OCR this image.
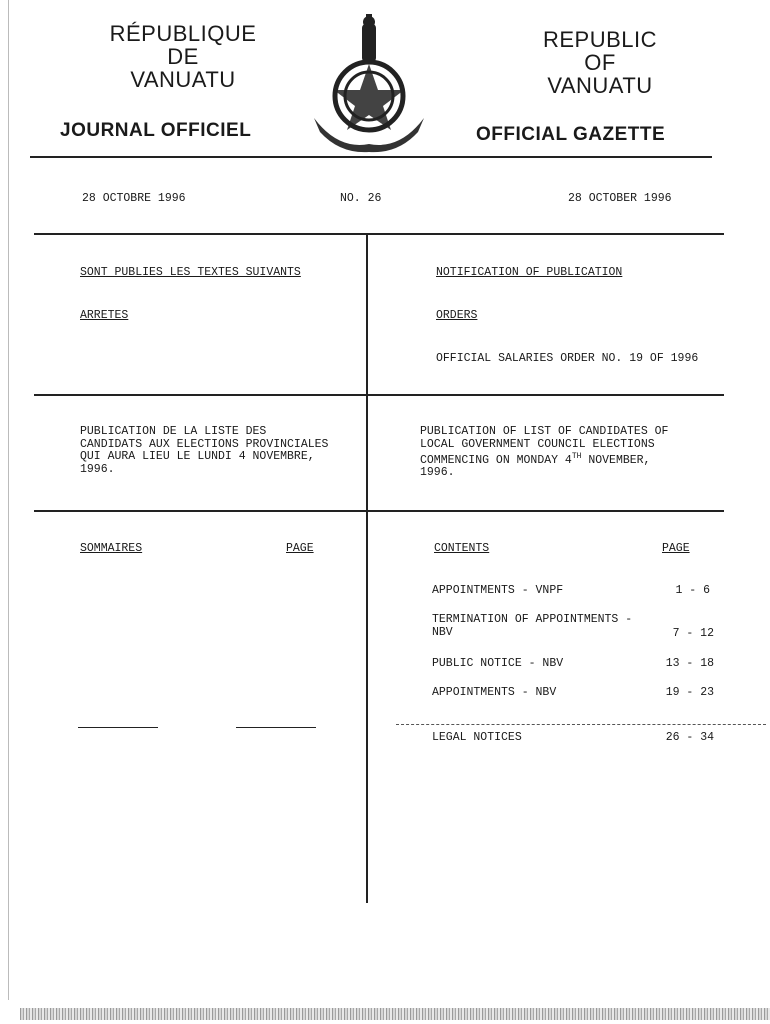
RÉPUBLIQUE
DE
VANUATU
JOURNAL OFFICIEL
REPUBLIC
OF
VANUATU
OFFICIAL GAZETTE
Long God yumi stanap
28 OCTOBRE 1996	NO. 26	28 OCTOBER 1996
SONT PUBLIES LES TEXTES SUIVANTS
ARRETES
NOTIFICATION OF PUBLICATION
ORDERS
OFFICIAL SALARIES ORDER NO. 19 OF 1996
PUBLICATION DE LA LISTE DES
CANDIDATS AUX ELECTIONS PROVINCIALES
QUI AURA LIEU LE LUNDI 4 NOVEMBRE,
1996.
PUBLICATION OF LIST OF CANDIDATES OF
LOCAL GOVERNMENT COUNCIL ELECTIONS
COMMENCING ON MONDAY 4TH NOVEMBER,
1996.
SOMMAIRES	PAGE	CONTENTS	PAGE
APPOINTMENTS - VNPF	1 - 6
TERMINATION OF APPOINTMENTS -
NBV	7 - 12
PUBLIC NOTICE - NBV	13 - 18
APPOINTMENTS - NBV	19 - 23
LEGAL NOTICES	26 - 34
